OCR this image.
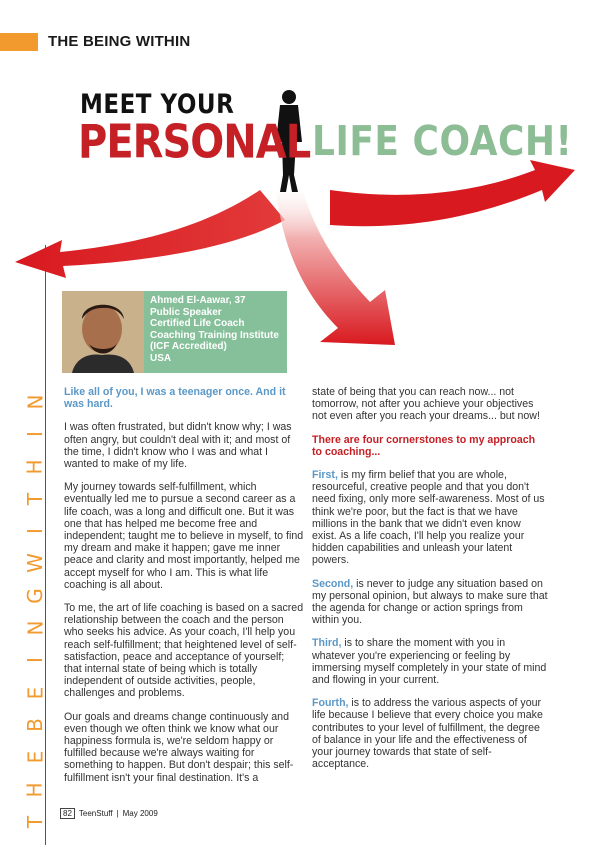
THE BEING WITHIN
MEET YOUR
PERSONAL LIFE COACH!
N
I
H
T
I
W
G
N
I
E
B
E
H
T
Ahmed El-Aawar, 37
Public Speaker
Certified Life Coach
Coaching Training Institute
(ICF Accredited)
USA

Like all of you, I was a teenager once. And it was hard.

I was often frustrated, but didn't know why; I was often angry, but couldn't deal with it; and most of the time, I didn't know who I was and what I wanted to make of my life.

My journey towards self-fulfillment, which eventually led me to pursue a second career as a life coach, was a long and difficult one. But it was one that has helped me become free and independent; taught me to believe in myself, to find my dream and make it happen; gave me inner peace and clarity and most importantly, helped me accept myself for who I am. This is what life coaching is all about.

To me, the art of life coaching is based on a sacred relationship between the coach and the person who seeks his advice. As your coach, I'll help you reach self-fulfillment; that heightened level of self-satisfaction, peace and acceptance of yourself; that internal state of being which is totally independent of outside activities, people, challenges and problems.

Our goals and dreams change continuously and even though we often think we know what our happiness formula is, we're seldom happy or fulfilled because we're always waiting for something to happen. But don't despair; this self-fulfillment isn't your final destination. It's a

state of being that you can reach now... not tomorrow, not after you achieve your objectives not even after you reach your dreams... but now!

There are four cornerstones to my approach to coaching...

First, is my firm belief that you are whole, resourceful, creative people and that you don't need fixing, only more self-awareness. Most of us think we're poor, but the fact is that we have millions in the bank that we didn't even know exist. As a life coach, I'll help you realize your hidden capabilities and unleash your latent powers.

Second, is never to judge any situation based on my personal opinion, but always to make sure that the agenda for change or action springs from within you.

Third, is to share the moment with you in whatever you're experiencing or feeling by immersing myself completely in your state of mind and flowing in your current.

Fourth, is to address the various aspects of your life because I believe that every choice you make contributes to your level of fulfillment, the degree of balance in your life and the effectiveness of your journey towards that state of self-acceptance.

82 TeenStuff | May 2009
